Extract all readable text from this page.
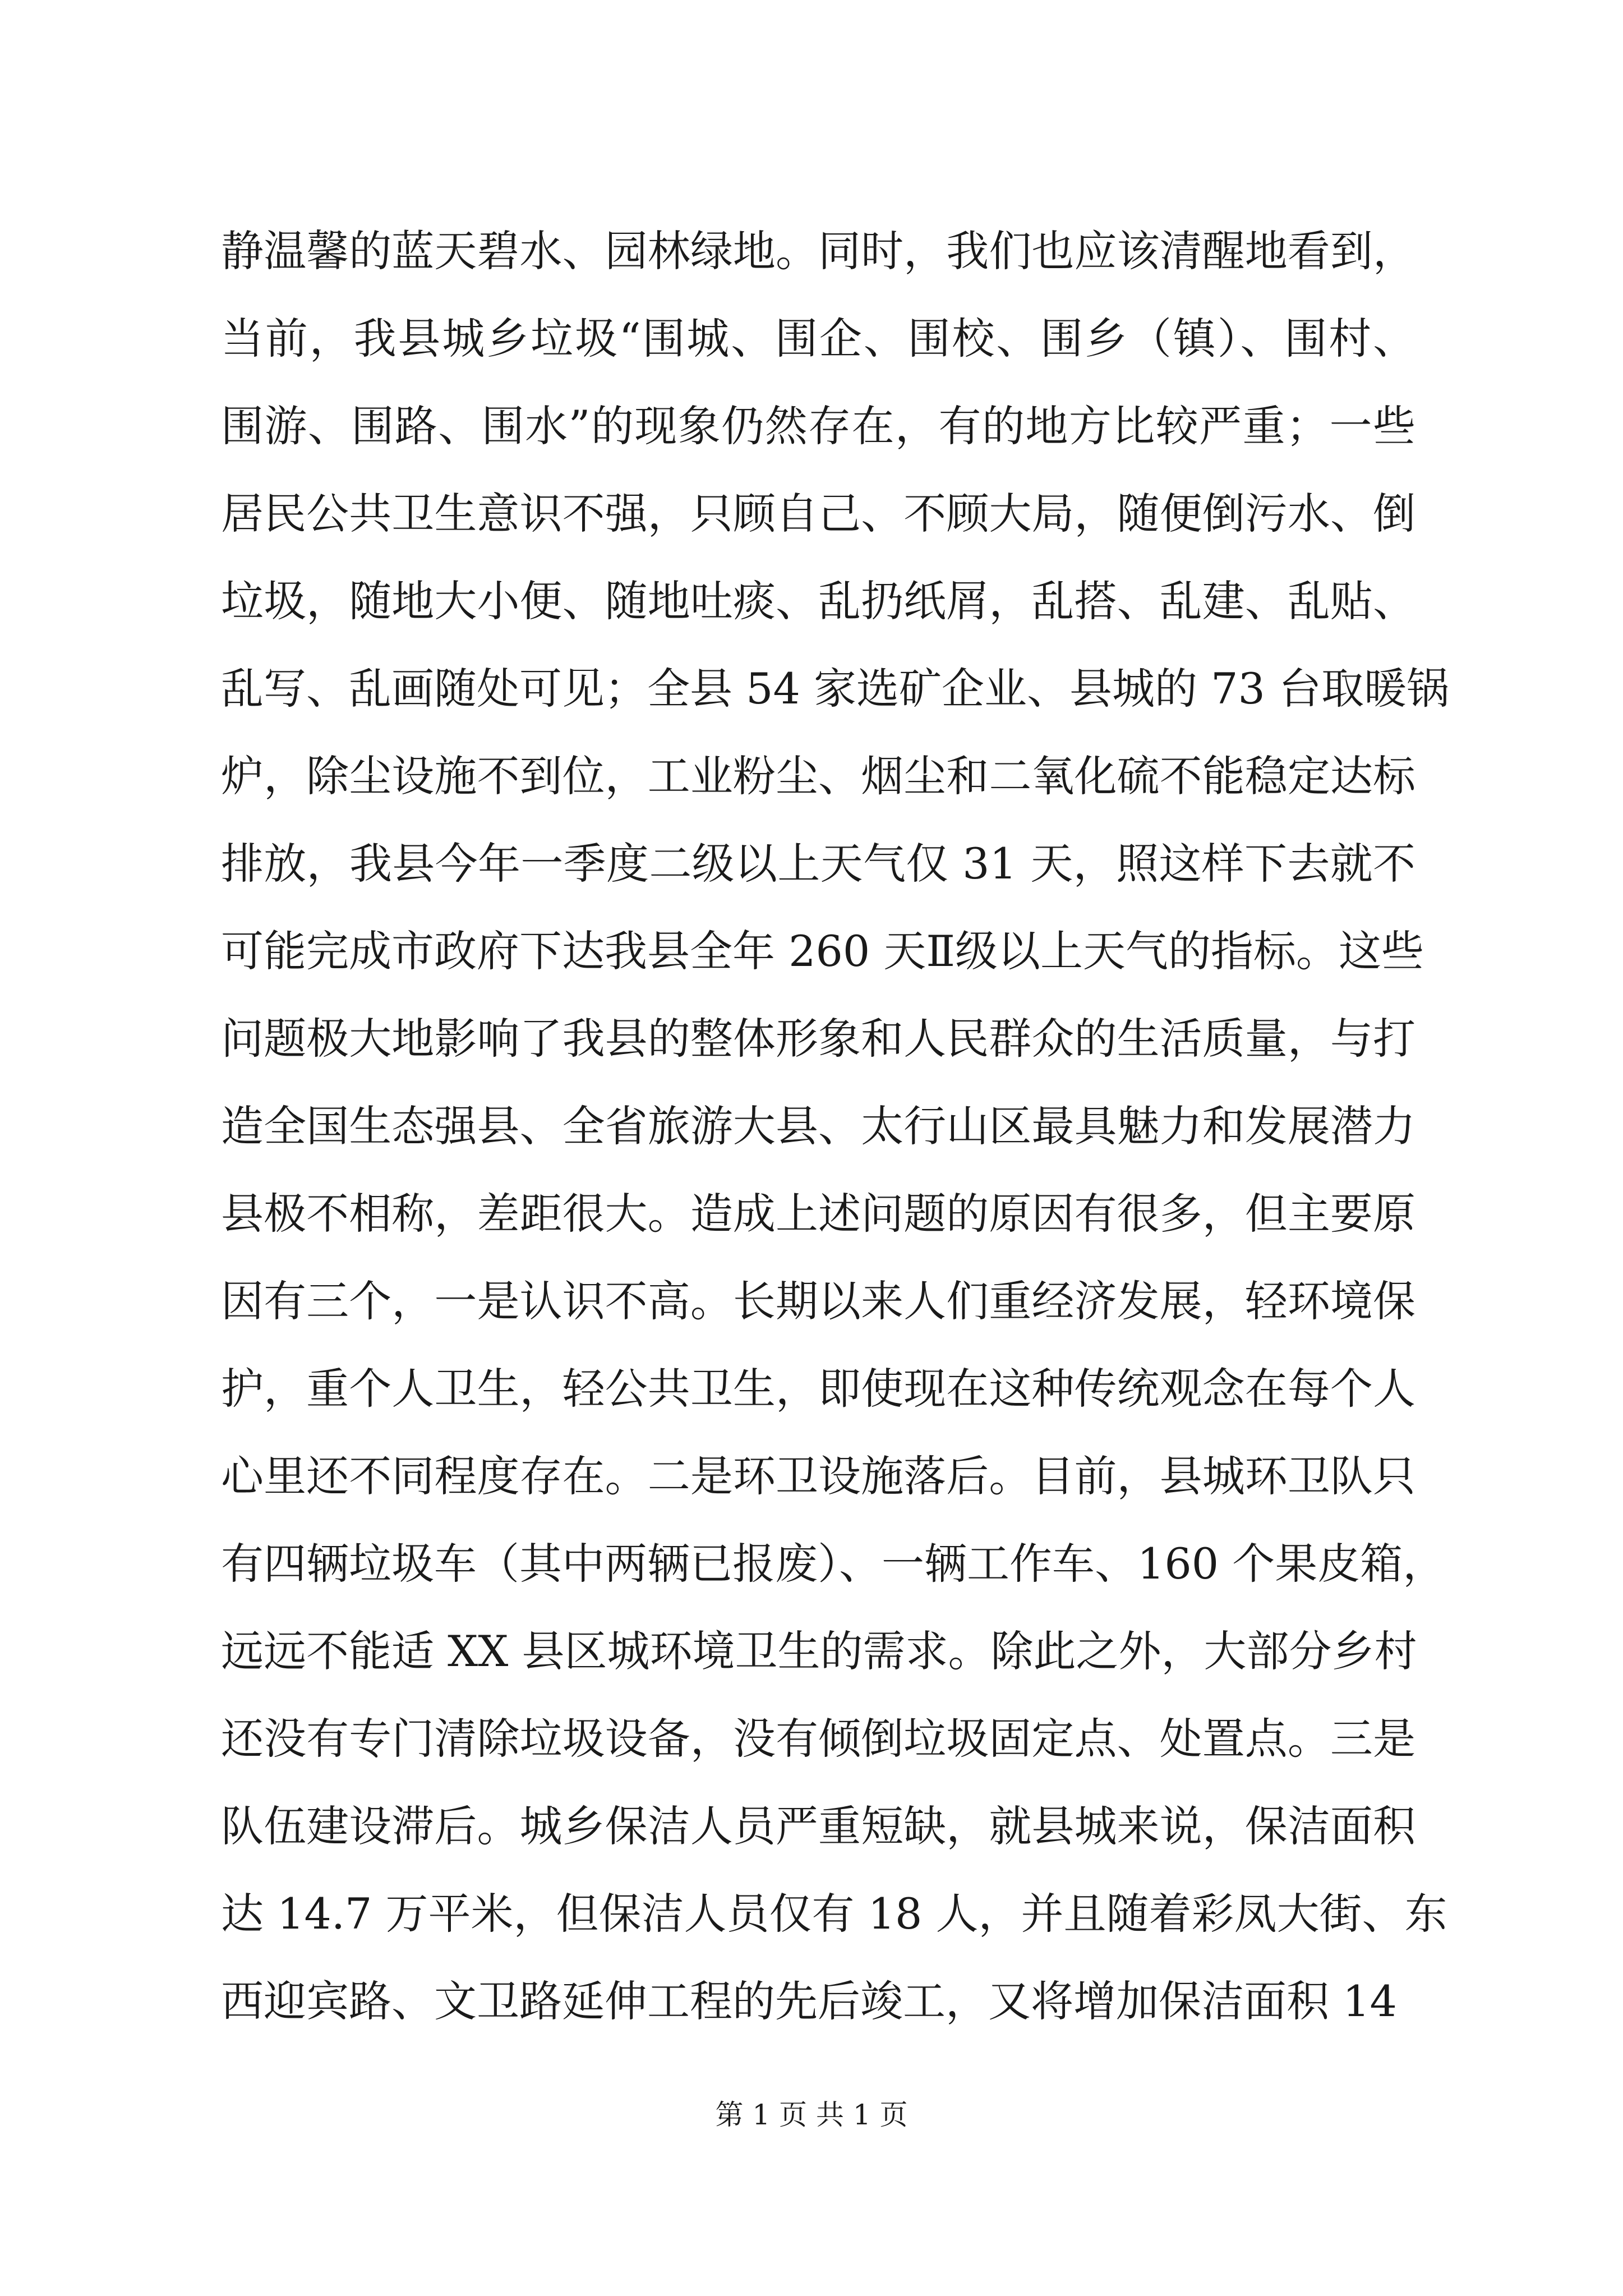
静温馨的蓝天碧水、园林绿地。同时，我们也应该清醒地看到，
当前，我县城乡垃圾“围城、围企、围校、围乡（镇）、围村、
围游、围路、围水”的现象仍然存在，有的地方比较严重；一些
居民公共卫生意识不强，只顾自己、不顾大局，随便倒污水、倒
垃圾，随地大小便、随地吐痰、乱扔纸屑，乱搭、乱建、乱贴、
乱写、乱画随处可见；全县 54 家选矿企业、县城的 73 台取暖锅
炉，除尘设施不到位，工业粉尘、烟尘和二氧化硫不能稳定达标
排放，我县今年一季度二级以上天气仅 31 天，照这样下去就不
可能完成市政府下达我县全年 260 天Ⅱ级以上天气的指标。这些
问题极大地影响了我县的整体形象和人民群众的生活质量，与打
造全国生态强县、全省旅游大县、太行山区最具魅力和发展潜力
县极不相称，差距很大。造成上述问题的原因有很多，但主要原
因有三个，一是认识不高。长期以来人们重经济发展，轻环境保
护，重个人卫生，轻公共卫生，即使现在这种传统观念在每个人
心里还不同程度存在。二是环卫设施落后。目前，县城环卫队只
有四辆垃圾车（其中两辆已报废）、一辆工作车、160 个果皮箱，
远远不能适 XX 县区城环境卫生的需求。除此之外，大部分乡村
还没有专门清除垃圾设备，没有倾倒垃圾固定点、处置点。三是
队伍建设滞后。城乡保洁人员严重短缺，就县城来说，保洁面积
达 14.7 万平米，但保洁人员仅有 18 人，并且随着彩凤大街、东
西迎宾路、文卫路延伸工程的先后竣工，又将增加保洁面积 14
第 1 页 共 1 页
